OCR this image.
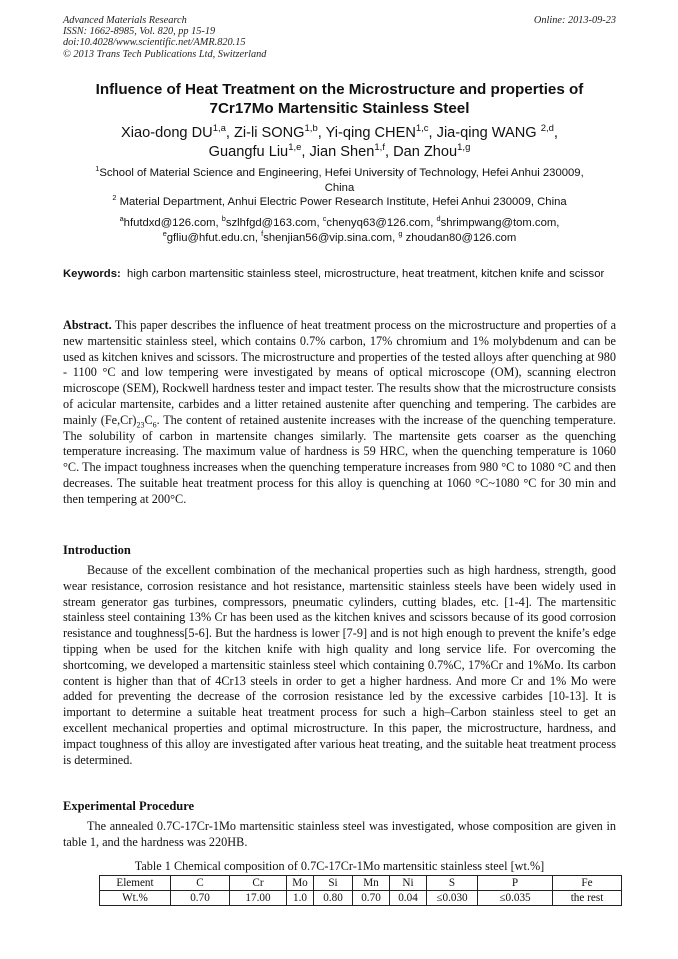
Advanced Materials Research
ISSN: 1662-8985, Vol. 820, pp 15-19
doi:10.4028/www.scientific.net/AMR.820.15
© 2013 Trans Tech Publications Ltd, Switzerland
Online: 2013-09-23
Influence of Heat Treatment on the Microstructure and properties of
7Cr17Mo Martensitic Stainless Steel
Xiao-dong DU$^{1,a}$, Zi-li SONG$^{1,b}$, Yi-qing CHEN$^{1,c}$, Jia-qing WANG $^{2,d}$,
Guangfu Liu$^{1,e}$, Jian Shen$^{1,f}$, Dan Zhou$^{1,g}$
$^1$School of Material Science and Engineering, Hefei University of Technology, Hefei Anhui 230009,
China
$^2$ Material Department, Anhui Electric Power Research Institute, Hefei Anhui 230009, China
$^a$hfutdxd@126.com, $^b$szlhfgd@163.com, $^c$chenyq63@126.com, $^d$shrimpwang@tom.com,
$^e$gfliu@hfut.edu.cn, $^f$shenjian56@vip.sina.com, $^g$ zhoudan80@126.com
Keywords: high carbon martensitic stainless steel, microstructure, heat treatment, kitchen knife and scissor

Abstract. This paper describes the influence of heat treatment process on the microstructure and properties of a new martensitic stainless steel, which contains 0.7% carbon, 17% chromium and 1% molybdenum and can be used as kitchen knives and scissors. The microstructure and properties of the tested alloys after quenching at 980 - 1100 °C and low tempering were investigated by means of optical microscope (OM), scanning electron microscope (SEM), Rockwell hardness tester and impact tester. The results show that the microstructure consists of acicular martensite, carbides and a litter retained austenite after quenching and tempering. The carbides are mainly $(Fe,Cr)_{23}C_6$. The content of retained austenite increases with the increase of the quenching temperature. The solubility of carbon in martensite changes similarly. The martensite gets coarser as the quenching temperature increasing. The maximum value of hardness is 59 HRC, when the quenching temperature is 1060 °C. The impact toughness increases when the quenching temperature increases from 980 °C to 1080 °C and then decreases. The suitable heat treatment process for this alloy is quenching at 1060 °C~1080 °C for 30 min and then tempering at 200°C.

Introduction

Because of the excellent combination of the mechanical properties such as high hardness, strength, good wear resistance, corrosion resistance and hot resistance, martensitic stainless steels have been widely used in stream generator gas turbines, compressors, pneumatic cylinders, cutting blades, etc. [1-4]. The martensitic stainless steel containing 13% Cr has been used as the kitchen knives and scissors because of its good corrosion resistance and toughness[5-6]. But the hardness is lower [7-9] and is not high enough to prevent the knife’s edge tipping when be used for the kitchen knife with high quality and long service life. For overcoming the shortcoming, we developed a martensitic stainless steel which containing 0.7%C, 17%Cr and 1%Mo. Its carbon content is higher than that of 4Cr13 steels in order to get a higher hardness. And more Cr and 1% Mo were added for preventing the decrease of the corrosion resistance led by the excessive carbides [10-13]. It is important to determine a suitable heat treatment process for such a high–Carbon stainless steel to get an excellent mechanical properties and optimal microstructure. In this paper, the microstructure, hardness, and impact toughness of this alloy are investigated after various heat treating, and the suitable heat treatment process is determined.

Experimental Procedure

The annealed 0.7C-17Cr-1Mo martensitic stainless steel was investigated, whose composition are given in table 1, and the hardness was 220HB.

Table 1 Chemical composition of 0.7C-17Cr-1Mo martensitic stainless steel [wt.%]
Element	C	Cr	Mo	Si	Mn	Ni	S	P	Fe
Wt.%	0.70	17.00	1.0	0.80	0.70	0.04	≤0.030	≤0.035	the rest
